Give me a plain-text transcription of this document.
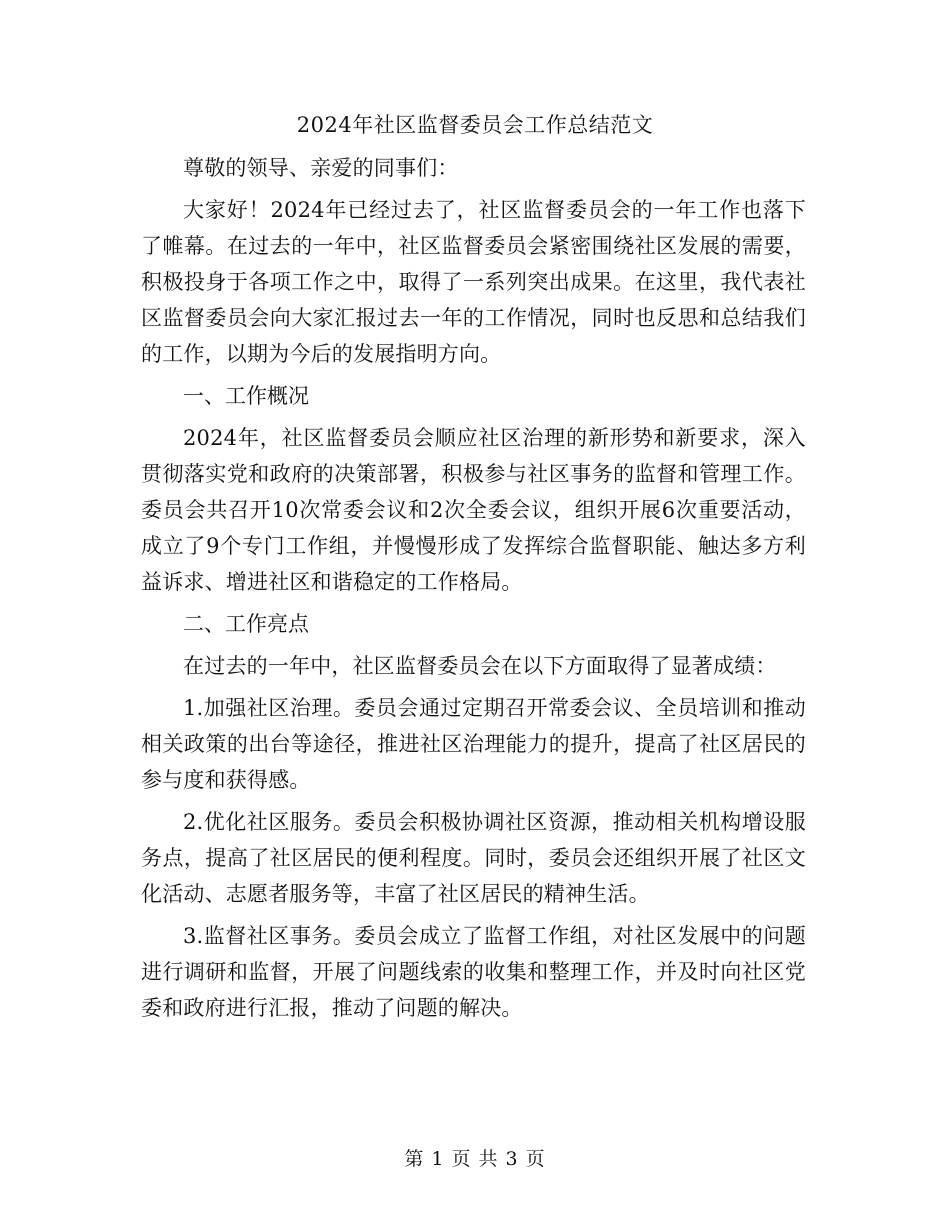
2024年社区监督委员会工作总结范文

尊敬的领导、亲爱的同事们：

大家好！2024年已经过去了，社区监督委员会的一年工作也落下了帷幕。在过去的一年中，社区监督委员会紧密围绕社区发展的需要，积极投身于各项工作之中，取得了一系列突出成果。在这里，我代表社区监督委员会向大家汇报过去一年的工作情况，同时也反思和总结我们的工作，以期为今后的发展指明方向。

一、工作概况

2024年，社区监督委员会顺应社区治理的新形势和新要求，深入贯彻落实党和政府的决策部署，积极参与社区事务的监督和管理工作。委员会共召开10次常委会议和2次全委会议，组织开展6次重要活动，成立了9个专门工作组，并慢慢形成了发挥综合监督职能、触达多方利益诉求、增进社区和谐稳定的工作格局。

二、工作亮点

在过去的一年中，社区监督委员会在以下方面取得了显著成绩：

1.加强社区治理。委员会通过定期召开常委会议、全员培训和推动相关政策的出台等途径，推进社区治理能力的提升，提高了社区居民的参与度和获得感。

2.优化社区服务。委员会积极协调社区资源，推动相关机构增设服务点，提高了社区居民的便利程度。同时，委员会还组织开展了社区文化活动、志愿者服务等，丰富了社区居民的精神生活。

3.监督社区事务。委员会成立了监督工作组，对社区发展中的问题进行调研和监督，开展了问题线索的收集和整理工作，并及时向社区党委和政府进行汇报，推动了问题的解决。

第 1 页 共 3 页
